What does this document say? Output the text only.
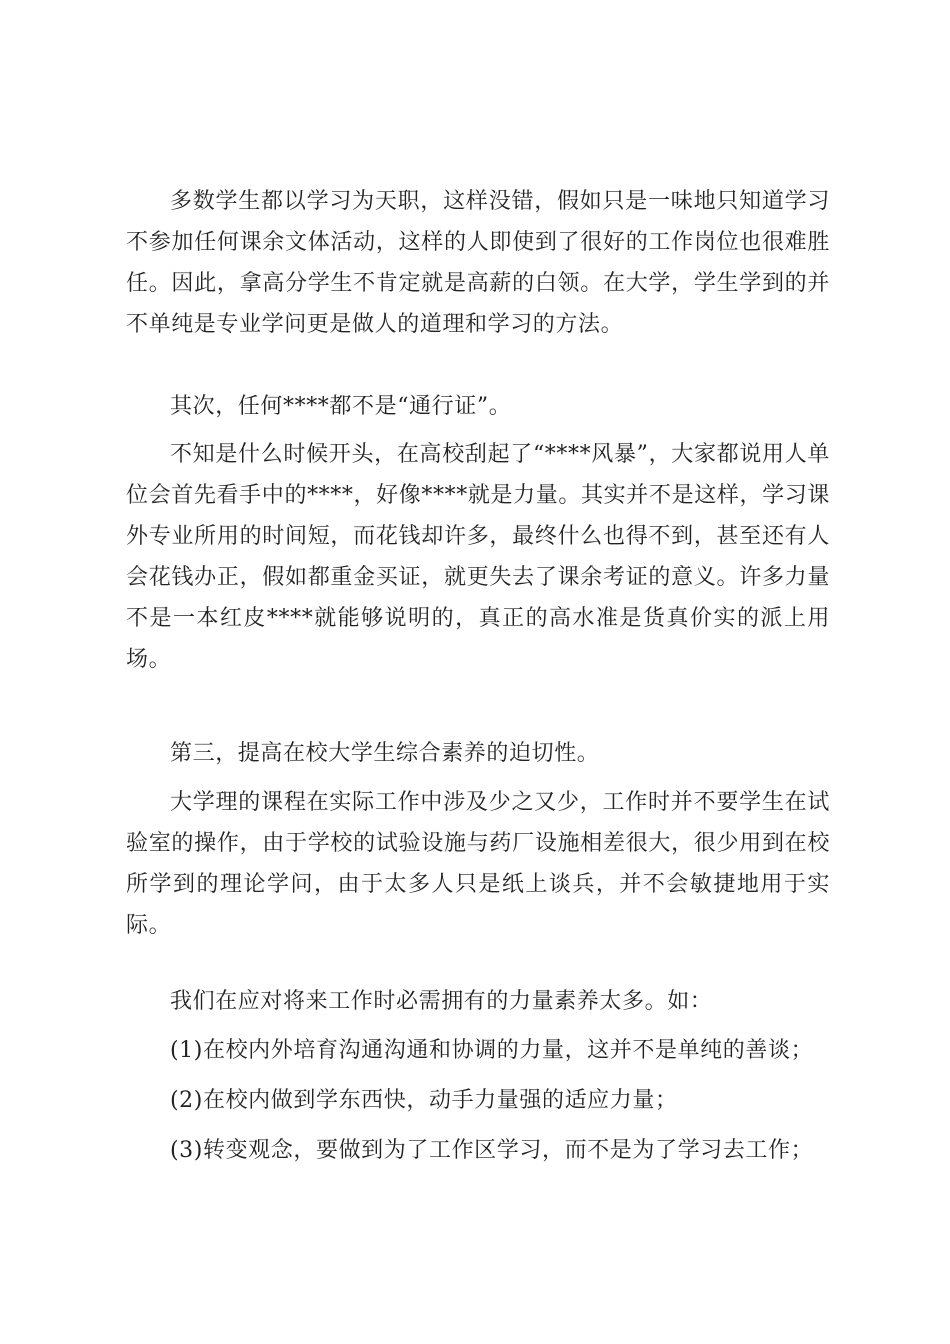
多数学生都以学习为天职，这样没错，假如只是一味地只知道学习不参加任何课余文体活动，这样的人即使到了很好的工作岗位也很难胜任。因此，拿高分学生不肯定就是高薪的白领。在大学，学生学到的并不单纯是专业学问更是做人的道理和学习的方法。

其次，任何****都不是“通行证”。

不知是什么时候开头，在高校刮起了“****风暴”，大家都说用人单位会首先看手中的****，好像****就是力量。其实并不是这样，学习课外专业所用的时间短，而花钱却许多，最终什么也得不到，甚至还有人会花钱办正，假如都重金买证，就更失去了课余考证的意义。许多力量不是一本红皮****就能够说明的，真正的高水准是货真价实的派上用场。

第三，提高在校大学生综合素养的迫切性。

大学理的课程在实际工作中涉及少之又少，工作时并不要学生在试验室的操作，由于学校的试验设施与药厂设施相差很大，很少用到在校所学到的理论学问，由于太多人只是纸上谈兵，并不会敏捷地用于实际。

我们在应对将来工作时必需拥有的力量素养太多。如：

(1)在校内外培育沟通沟通和协调的力量，这并不是单纯的善谈；

(2)在校内做到学东西快，动手力量强的适应力量；

(3)转变观念，要做到为了工作区学习，而不是为了学习去工作；
